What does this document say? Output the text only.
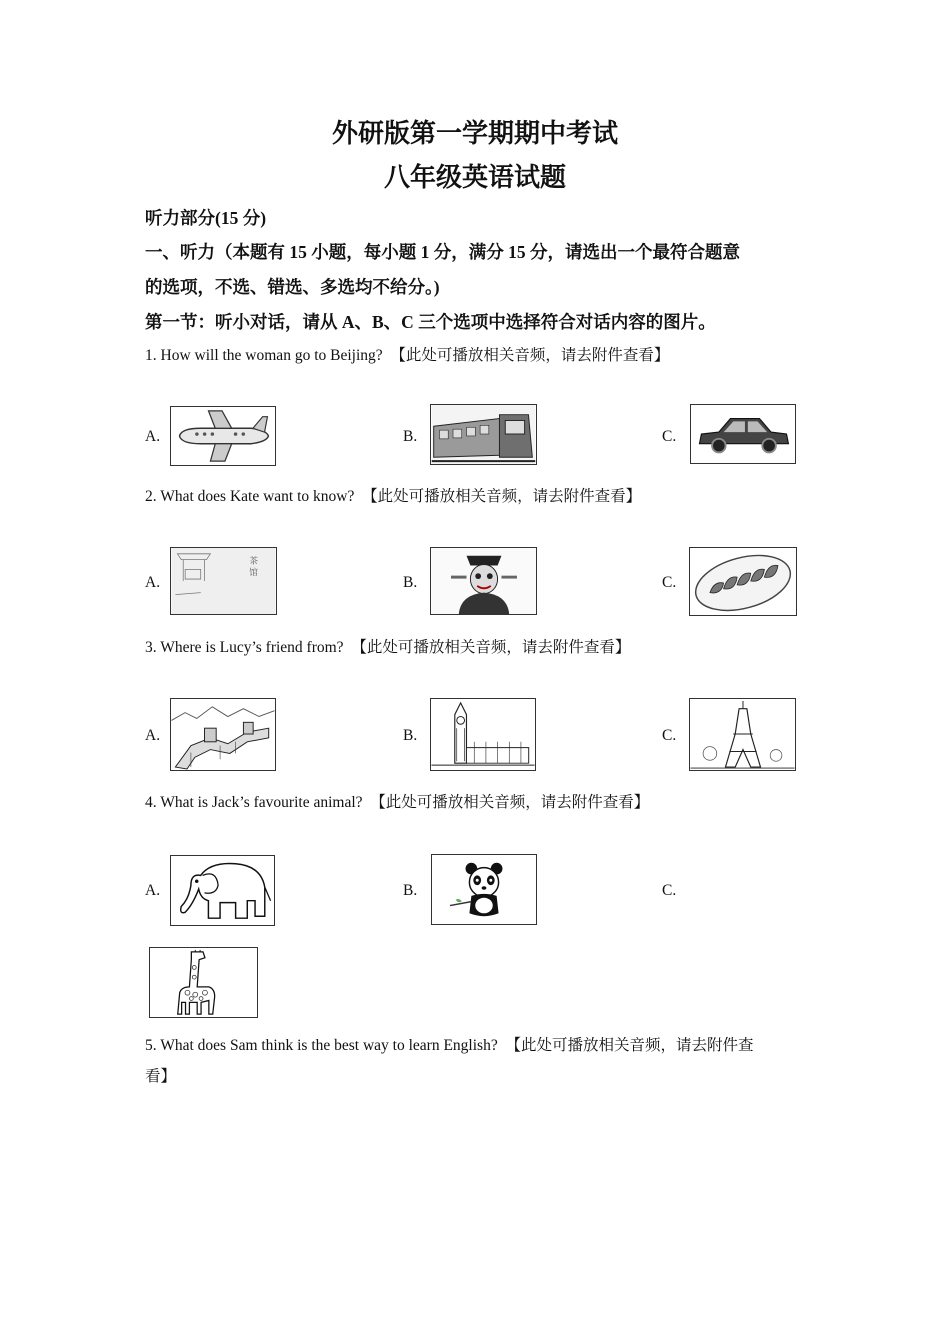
外研版第一学期期中考试
八年级英语试题
听力部分(15 分)
一、听力（本题有 15 小题，每小题 1 分，满分 15 分，请选出一个最符合题意
的选项，不选、错选、多选均不给分。)
第一节：听小对话，请从 A、B、C 三个选项中选择符合对话内容的图片。
1. How will the woman go to Beijing? 【此处可播放相关音频，请去附件查看】
A.	B.	C.
2. What does Kate want to know? 【此处可播放相关音频，请去附件查看】
A.
茶
馆
B.	C.
3. Where is Lucy’s friend from? 【此处可播放相关音频，请去附件查看】
A.	B.	C.
4. What is Jack’s favourite animal? 【此处可播放相关音频，请去附件查看】
A.	B.	C.
5. What does Sam think is the best way to learn English? 【此处可播放相关音频，请去附件查
看】
